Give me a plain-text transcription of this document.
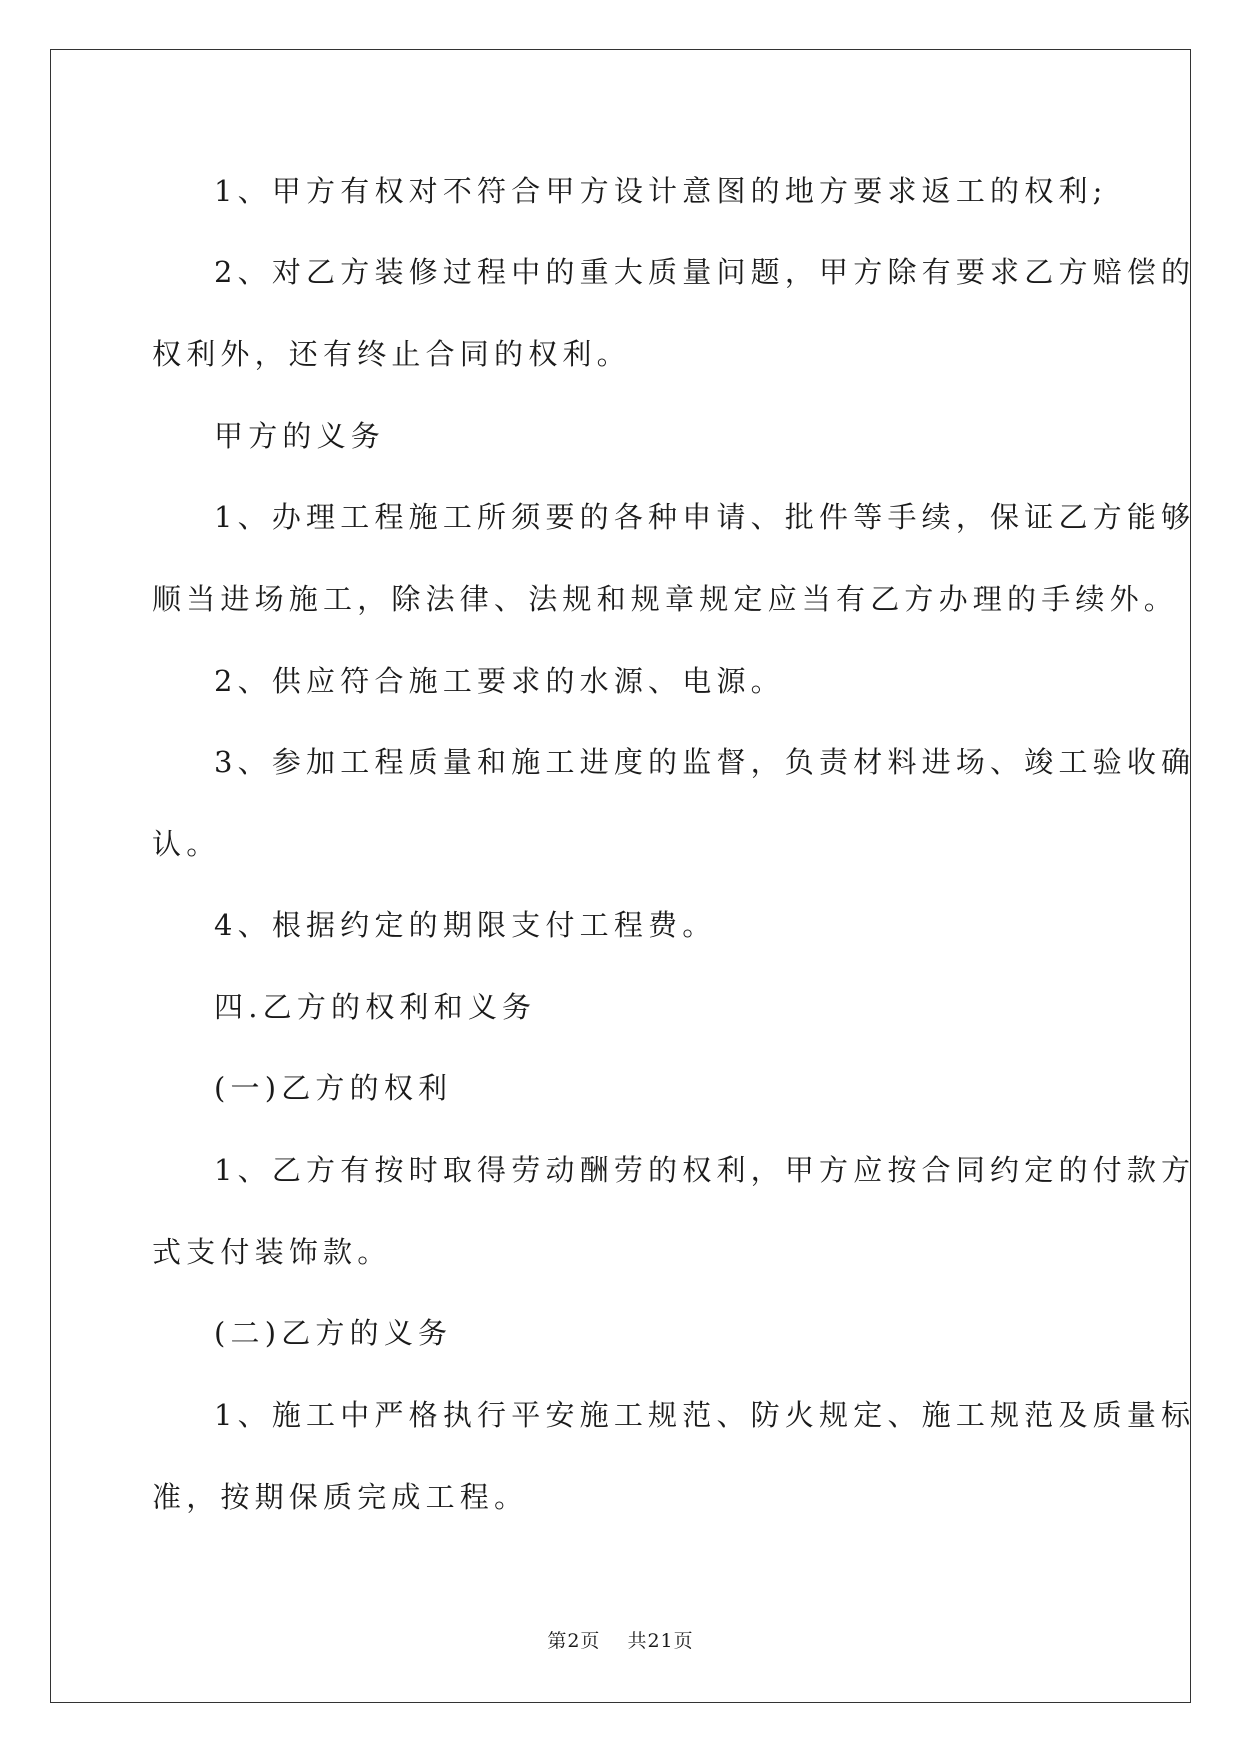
1、甲方有权对不符合甲方设计意图的地方要求返工的权利;
2、对乙方装修过程中的重大质量问题，甲方除有要求乙方赔偿的
权利外，还有终止合同的权利。
甲方的义务
1、办理工程施工所须要的各种申请、批件等手续，保证乙方能够
顺当进场施工，除法律、法规和规章规定应当有乙方办理的手续外。
2、供应符合施工要求的水源、电源。
3、参加工程质量和施工进度的监督，负责材料进场、竣工验收确
认。
4、根据约定的期限支付工程费。
四.乙方的权利和义务
(一)乙方的权利
1、乙方有按时取得劳动酬劳的权利，甲方应按合同约定的付款方
式支付装饰款。
(二)乙方的义务
1、施工中严格执行平安施工规范、防火规定、施工规范及质量标
准，按期保质完成工程。
第2页 共21页
